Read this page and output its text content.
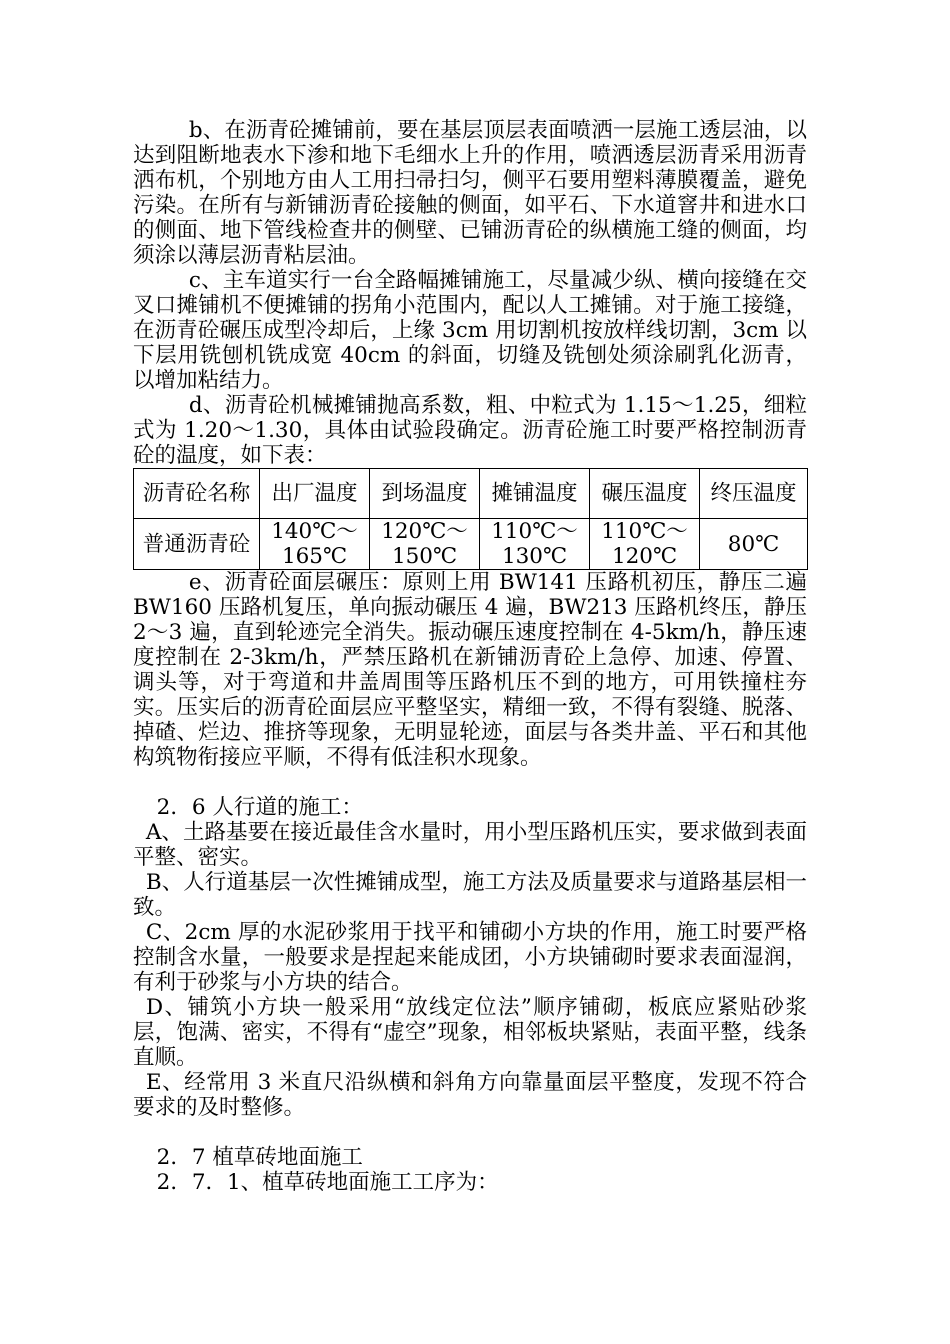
b、在沥青砼摊铺前，要在基层顶层表面喷洒一层施工透层油，以达到阻断地表水下渗和地下毛细水上升的作用，喷洒透层沥青采用沥青洒布机，个别地方由人工用扫帚扫匀，侧平石要用塑料薄膜覆盖，避免污染。在所有与新铺沥青砼接触的侧面，如平石、下水道窨井和进水口的侧面、地下管线检查井的侧壁、已铺沥青砼的纵横施工缝的侧面，均须涂以薄层沥青粘层油。

c、主车道实行一台全路幅摊铺施工，尽量减少纵、横向接缝在交叉口摊铺机不便摊铺的拐角小范围内，配以人工摊铺。对于施工接缝，在沥青砼碾压成型冷却后，上缘 3cm 用切割机按放样线切割，3cm 以下层用铣刨机铣成宽 40cm 的斜面，切缝及铣刨处须涂刷乳化沥青，以增加粘结力。

d、沥青砼机械摊铺抛高系数，粗、中粒式为 1.15～1.25，细粒式为 1.20～1.30，具体由试验段确定。沥青砼施工时要严格控制沥青砼的温度，如下表：

沥青砼名称	出厂温度	到场温度	摊铺温度	碾压温度	终压温度
普通沥青砼	140℃～165℃	120℃～150℃	110℃～130℃	110℃～120℃	80℃

e、沥青砼面层碾压：原则上用 BW141 压路机初压，静压二遍 BW160 压路机复压，单向振动碾压 4 遍，BW213 压路机终压，静压 2～3 遍，直到轮迹完全消失。振动碾压速度控制在 4-5km/h，静压速度控制在 2-3km/h，严禁压路机在新铺沥青砼上急停、加速、停置、调头等，对于弯道和井盖周围等压路机压不到的地方，可用铁撞柱夯实。压实后的沥青砼面层应平整坚实，精细一致，不得有裂缝、脱落、掉碴、烂边、推挤等现象，无明显轮迹，面层与各类井盖、平石和其他构筑物衔接应平顺，不得有低洼积水现象。

2．6 人行道的施工：

A、土路基要在接近最佳含水量时，用小型压路机压实，要求做到表面平整、密实。

B、人行道基层一次性摊铺成型，施工方法及质量要求与道路基层相一致。

C、2cm 厚的水泥砂浆用于找平和铺砌小方块的作用，施工时要严格控制含水量，一般要求是捏起来能成团，小方块铺砌时要求表面湿润，有利于砂浆与小方块的结合。

D、铺筑小方块一般采用“放线定位法”顺序铺砌，板底应紧贴砂浆层，饱满、密实，不得有“虚空”现象，相邻板块紧贴，表面平整，线条直顺。

E、经常用 3 米直尺沿纵横和斜角方向靠量面层平整度，发现不符合要求的及时整修。

2．7 植草砖地面施工

2．7．1、植草砖地面施工工序为：
